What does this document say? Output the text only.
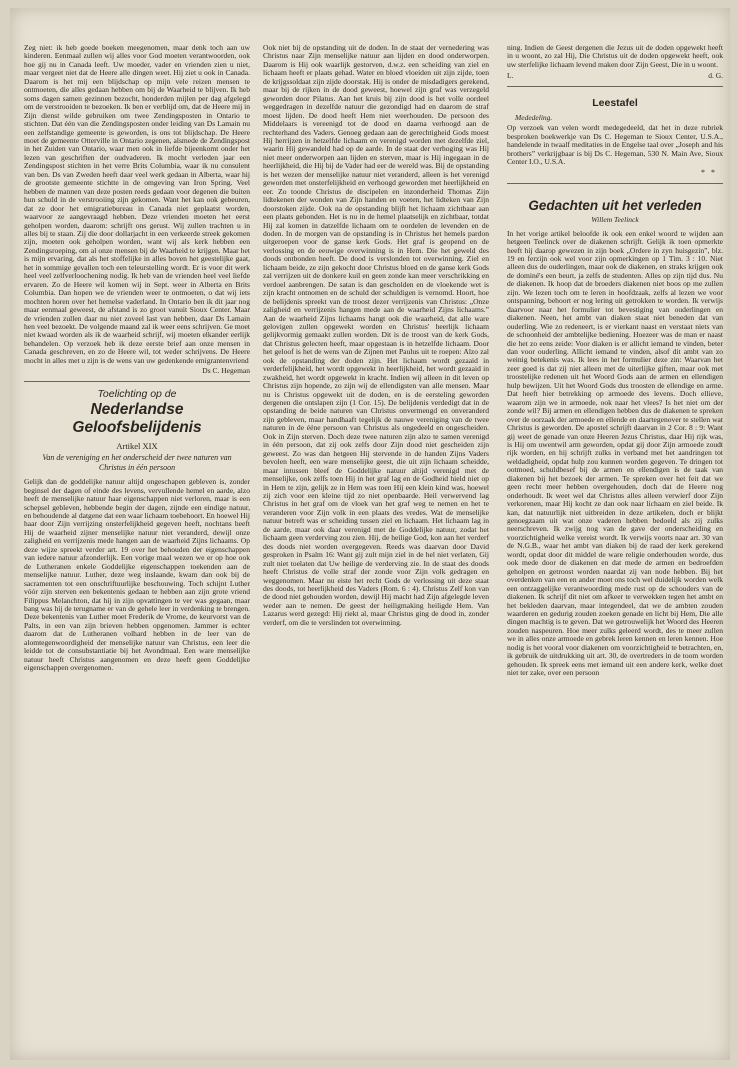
Zeg niet: ik heb goede boeken meegenomen, maar denk toch aan uw kinderen. Eenmaal zullen wij alles voor God moeten verantwoorden, ook hoe gij nu in Canada leeft. Uw moeder, vader en vrienden zien u niet, maar vergeet niet dat de Heere alle dingen weet. Hij ziet u ook in Canada. Daarom is het mij een blijdschap op mijn vele reizen mensen te ontmoeten, die alles gedaan hebben om bij de Waarheid te blijven. Ik heb soms dagen samen gezinnen bezocht, honderden mijlen per dag afgelegd om de verstrooiden te bezoeken. Ik ben er verblijd om, dat de Heere mij in Zijn dienst wilde gebruiken om twee Zendingsposten in Ontario te stichten. Dat één van die Zendingsposten onder leiding van Ds Lamain nu een zelfstandige gemeente is geworden, is ons tot blijdschap. De Heere moet de gemeente Otterville in Ontario zegenen, alsmede de Zendingspost in het Zuiden van Ontario, waar men ook in liefde bijeenkomt onder het lezen van geschriften der oudvaderen. Ik mocht verleden jaar een Zendingspost stichten in het verre Brits Columbia, waar ik nu consulent van ben. Ds van Zweden heeft daar veel werk gedaan in Alberta, waar hij de grootste gemeente stichtte in de omgeving van Iron Spring. Veel hebben de mannen van deze posten reeds gedaan voor degenen die buiten hun schuld in de verstrooiing zijn gekomen. Want het kan ook gebeuren, dat ze door het emigratiebureau in Canada niet geplaatst worden, waarvoor ze aangevraagd hebben. Deze vrienden moeten het eerst geholpen worden, daarom: schrijft ons gerust. Wij zullen trachten u in alles bij te staan. Zij die door dollarjacht in een verkeerde streek gekomen zijn, moeten ook geholpen worden, want wij als kerk hebben een Zendingsroeping, om al onze mensen bij de Waarheid te krijgen. Maar het is mijn ervaring, dat als het stoffelijke in alles boven het geestelijke gaat, het in sommige gevallen toch een teleurstelling wordt. Er is voor dit werk heel veel zelfverloochening nodig. Ik heb van de vrienden heel veel liefde ervaren. Zo de Heere wil komen wij in Sept. weer in Alberta en Brits Columbia. Dan hopen we de vrienden weer te ontmoeten, o dat wij iets mochten horen over het hemelse vaderland. In Ontario ben ik dit jaar nog maar eenmaal geweest, de afstand is zo groot vanuit Sioux Center. Maar de vrienden zullen daar nu niet zoveel last van hebben, daar Ds Lamain hen veel bezoekt. De volgende maand zal ik weer eens schrijven. Ge moet niet kwaad worden als ik de waarheid schrijf, wij moeten elkander eerlijk behandelen. Op verzoek heb ik deze eerste brief aan onze mensen in Canada geschreven, en zo de Heere wil, tot weder schrijvens. De Heere mocht in alles met u zijn is de wens van uw gedenkende emigrantenvriend

Ds C. Hegeman
Toelichting op de
Nederlandse Geloofsbelijdenis
Artikel XIX
Van de vereniging en het onderscheid der twee naturen van Christus in één persoon

Gelijk dan de goddelijke natuur altijd ongeschapen gebleven is, zonder beginsel der dagen of einde des levens, vervullende hemel en aarde, alzo heeft de menselijke natuur haar eigenschappen niet verloren, maar is een schepsel gebleven, hebbende begin der dagen, zijnde een eindige natuur, en behoudende al datgene dat een waar lichaam toebehoort. En hoewel Hij haar door Zijn verrijzing onsterfelijkheid gegeven heeft, nochtans heeft Hij de waarheid zijner menselijke natuur niet veranderd, dewijl onze zaligheid en verrijzenis mede hangen aan de waarheid Zijns lichaams. Op deze wijze spreekt verder art. 19 over het behouden der eigenschappen van iedere natuur afzonderlijk. Een vorige maal wezen we er op hoe ook de Lutheranen enkele Goddelijke eigenschappen toekenden aan de menselijke natuur. Luther, deze weg inslaande, kwam dan ook bij de sacramenten tot een onschriftuurlijke beschouwing. Toch schijnt Luther vóór zijn sterven een bekentenis gedaan te hebben aan zijn grote vriend Filippus Melanchton, dat hij in zijn opvattingen te ver was gegaan, maar bang was hij de terugname er van de gehele leer in verdenking te brengen. Deze bekentenis van Luther moet Frederik de Vrome, de keurvorst van de Palts, in een van zijn brieven hebben opgenomen. Jammer is echter daarom dat de Lutheranen volhard hebben in de leer van de alomtegenwoordigheid der menselijke natuur van Christus, een leer die leidde tot de consubstantiatie bij het Avondmaal. Een ware menselijke natuur heeft Christus aangenomen en deze heeft geen Goddelijke eigenschappen overgenomen.

Ook niet bij de opstanding uit de doden. In de staat der vernedering was Christus naar Zijn menselijke natuur aan lijden en dood onderworpen. Daarom is Hij ook waarlijk gestorven, d.w.z. een scheiding van ziel en lichaam heeft er plaats gehad. Water en bloed vloeiden uit zijn zijde, toen de krijgssoldaat zijn zijde doorstak. Hij is onder de misdadigers gerekend, maar bij de rijken in de dood geweest, hoewel zijn graf was verzegeld geworden door Pilatus. Aan het kruis bij zijn dood is het volle oordeel weggedragen in dezelfde natuur die gezondigd had en daarom de straf moest lijden. De dood heeft Hem niet weerhouden. De persoon des Middelaars is vereenigd tot de dood en daarna verhoogd aan de rechterhand des Vaders. Genoeg gedaan aan de gerechtigheid Gods moest Hij herrijzen in hetzelfde lichaam en verenigd worden met dezelfde ziel, waarin Hij gewandeld had op de aarde. In de staat der verhoging was Hij niet meer onderworpen aan lijden en sterven, maar is Hij ingegaan in de heerlijkheid, die Hij bij de Vader had eer de wereld was. Bij de opstanding is het wezen der menselijke natuur niet veranderd, alleen is het verenigd geworden met onsterfelijkheid en verhoogd geworden met heerlijkheid en eer. Zo toonde Christus de discipelen en inzonderheid Thomas Zijn lidtekenen der wonden van Zijn handen en voeten, het lidteken van Zijn doorstoken zijde. Ook na de opstanding blijft het lichaam zichtbaar aan een plaats gebonden. Het is nu in de hemel plaatselijk en zichtbaar, totdat Hij zal komen in datzelfde lichaam om te oordelen de levenden en de doden. In de morgen van de opstanding is in Christus het hemels pardon uitgeroepen voor de ganse kerk Gods. Het graf is geopend en de verlossing en de eeuwige overwinning is in Hem. Die het geweld des doods ontbonden heeft. De dood is verslonden tot overwinning. Ziel en lichaam beide, ze zijn gekocht door Christus bloed en de ganse kerk Gods zal verrijzen uit de donkere kuil en geen zonde kan meer verschrikking en verdoel aanbrengen. De satan is dan gescholden en de vloekende wet is zijn kracht ontnomen en de schuld der schuldigen is vernomd. Hoort, hoe de belijdenis spreekt van de troost dezer verrijzenis van Christus: „Onze zaligheid en verrijzenis hangen mede aan de waarheid Zijns lichaams.” Aan de waarheid Zijns lichaams hangt ook die waarheid, dat alle ware gelovigen zullen opgewekt worden en Christus' heerlijk lichaam gelijkvormig gemaakt zullen worden. Dit is de troost van de kerk Gods, dat Christus gelecten heeft, maar opgestaan is in hetzelfde lichaam. Door het geloof is het de wens van de Zijnen met Paulus uit te roepen: Alzo zal ook de opstanding der doden zijn. Het lichaam wordt gezaaid in verderfelijkheid, het wordt opgewekt in heerlijkheid, het wordt gezaaid in zwakheid, het wordt opgewekt in kracht. Indien wij alleen in dit leven op Christus zijn hopende, zo zijn wij de ellendigsten van alle mensen. Maar nu is Christus opgewekt uit de doden, en is de eersteling geworden dergenen die ontslapen zijn (1 Cor. 15). De belijdenis verdedigt dat in de opstanding de beide naturen van Christus onvermengd en onveranderd zijn gebleven, maar handhaaft tegelijk de nauwe vereniging van de twee naturen in de ééne persoon van Christus als ongedeeld en ongescheiden. Ook in Zijn sterven. Doch deze twee naturen zijn alzo te samen verenigd in één persoon, dat zij ook zelfs door Zijn dood niet gescheiden zijn geweest. Zo was dan hetgeen Hij stervende in de handen Zijns Vaders bevolen heeft, een ware menselijke geest, die uit zijn lichaam scheidde, maar intussen bleef de Goddelijke natuur altijd verenigd met de menselijke, ook zelfs toen Hij in het graf lag en de Godheid hield niet op in Hem te zijn, gelijk ze in Hem was toen Hij een klein kind was, hoewel zij zich voor een kleine tijd zo niet openbaarde. Heil verwervend lag Christus in het graf om de vloek van het graf weg te nemen en het te veranderen voor Zijn volk in een plaats des vredes. Wat de menselijke natuur betreft was er scheiding tussen ziel en lichaam. Het lichaam lag in de aarde, maar ook daar verenigd met de Goddelijke natuur, zodat het lichaam geen verderving zou zien. Hij, de heilige God, kon aan het verderf des doods niet worden overgegeven. Reeds was daarvan door David gesproken in Psalm 16: Want gij zult mijn ziel in de hel niet verlaten, Gij zult niet toelaten dat Uw heilige de verderving zie. In de staat des doods heeft Christus de volle straf der zonde voor Zijn volk gedragen en weggenomen. Maar nu eiste het recht Gods de verlossing uit deze staat des doods, tot heerlijkheid des Vaders (Rom. 6 : 4). Christus Zelf kon van de dood niet gehouden worden, dewijl Hij macht had Zijn afgelegde leven weder aan te nemen. De geest der heiligmaking heiligde Hem. Van Lazarus werd gezegd: Hij riekt al, maar Christus ging de dood in, zonder verderf, om die te verslinden tot overwinning.

ning. Indien de Geest dergenen die Jezus uit de doden opgewekt heeft in u woont, zo zal Hij, Die Christus uit de doden opgewekt heeft, ook uw sterfelijke lichaam levend maken door Zijn Geest, Die in u woont.

L.	d. G.
Leestafel
Mededeling.

Op verzoek van velen wordt medegedeeld, dat het in deze rubriek besproken boekwerkje van Ds C. Hegeman te Sioux Center, U.S.A., handelende in twaalf meditaties in de Engelse taal over „Joseph and his brothers” verkrijgbaar is bij Ds C. Hegeman, 530 N. Main Ave, Sioux Center I.O., U.S.A.

* *
Gedachten uit het verleden
Willem Teelinck

In het vorige artikel beloofde ik ook een enkel woord te wijden aan hetgeen Teelinck over de diakenen schrijft. Gelijk ik toen opmerkte heeft hij daarop gewezen in zijn boek „Ordere in zyn huisgezin”, blz. 19 en ferzijn ook wel voor zijn opmerkingen op 1 Tim. 3 : 10. Niet alleen dus de ouderlingen, maar ook de diakenen, en straks krijgen ook de dominé's een beurt, ja zelfs de studenten. Alles op zijn tijd dus. Nu de diakenen. Ik hoop dat de broeders diakenen niet boos op me zullen zijn. We lezen toch om te leren in hoofdzaak, zelfs al lezen we voor ontspanning, behoort er nog lering uit getrokken te worden. Ik verwijs daarvoor naar het formulier tot bevestiging van ouderlingen en diakenen. Neen, het ambt van diaken staat niet beneden dat van ouderling. Wie zo redeneert, is er vierkant naast en verstaat niets van de schoonheid der ambtelijke bediening. Hoezeer was de man er naast die het zo eens zeide: Voor diaken is er allicht iemand te vinden, beter dan voor ouderling. Allicht iemand te vinden, alsof dit ambt van zo weinig betekenis was. Ik lees in het formulier deze zin: Waarvan het zeer goed is dat zij niet alleen met de uiterlijke giften, maar ook met troostelijke redenen uit het Woord Gods aan de armen en ellendigen hulp bewijzen. Uit het Woord Gods dus troosten de ellendige en arme. Dat heeft hier betrekking op armoede des levens. Doch ellieve, waarom zijn we in armoede, ook naar het vlees? Is het niet om der zonde wil? Bij armen en ellendigen hebben dus de diakenen te spreken over de oorzaak der armoede en ellende en daartegenover te stellen wat Christus is geworden. De apostel schrijft daarvan in 2 Cor. 8 : 9: Want gij weet de genade van onze Heeren Jezus Christus, daar Hij rijk was, is Hij om uwentwil arm geworden, opdat gij door Zijn armoede zoudt rijk worden, en hij schrijft zulks in verband met het aandringen tot weldadigheid, opdat hulp zou kunnen worden gegeven. Te dringen tot ootmoed, schuldbesef bij de armen en ellendigen is de taak van diakenen bij het bezoek der armen. Te spreken over het feit dat we geen recht meer hebben overgehouden, doch dat de Heere nog onderhoudt. Ik weet wel dat Christus alles alleen verwierf door Zijn verkorenen, maar Hij kocht ze dan ook naar lichaam en ziel beide. Ik kan, dat natuurlijk niet uitbreiden in deze artikelen, doch er blijkt genoegzaam uit wat onze vaderen hebben bedoeld als zij zulks neerschreven. Ik zwijg nog van de gave der onderscheiding en voorzichtigheid welke vereist wordt. Ik verwijs voorts naar art. 30 van de N.G.B., waar het ambt van diaken bij de raad der kerk gerekend wordt, opdat door dit middel de ware religie onderhouden worde, dus ook mede door de diakenen en dat mede de armen en bedroefden geholpen en getroost worden naardat zij van node hebben. Bij het overdenken van een en ander moet ons toch wel duidelijk worden welk een ontzaggelijke verantwoording mede rust op de schouders van de diakenen. Ik schrijf dit niet om afkeer te verwekken tegen het ambt en het bekleden daarvan, maar integendeel, dat we de ambten zouden waarderen en gedurig zouden zoeken genade en licht bij Hem, Die alle dingen machtig is te geven. Dat we getrouwelijk het Woord des Heeren zouden naspeuren. Hoe meer zulks geleerd wordt, des te meer zullen we in alles onze armoede en gebrek leren kennen en leren kennen. Hoe nodig is het vooral voor diakenen om voorzichtigheid te betrachten, en, ik gebruik de uitdrukking uit art. 30, de overtreders in de toom worden gehouden. Ik spreek eens met iemand uit een andere kerk, welke doet niet ter zake, over een persoon
